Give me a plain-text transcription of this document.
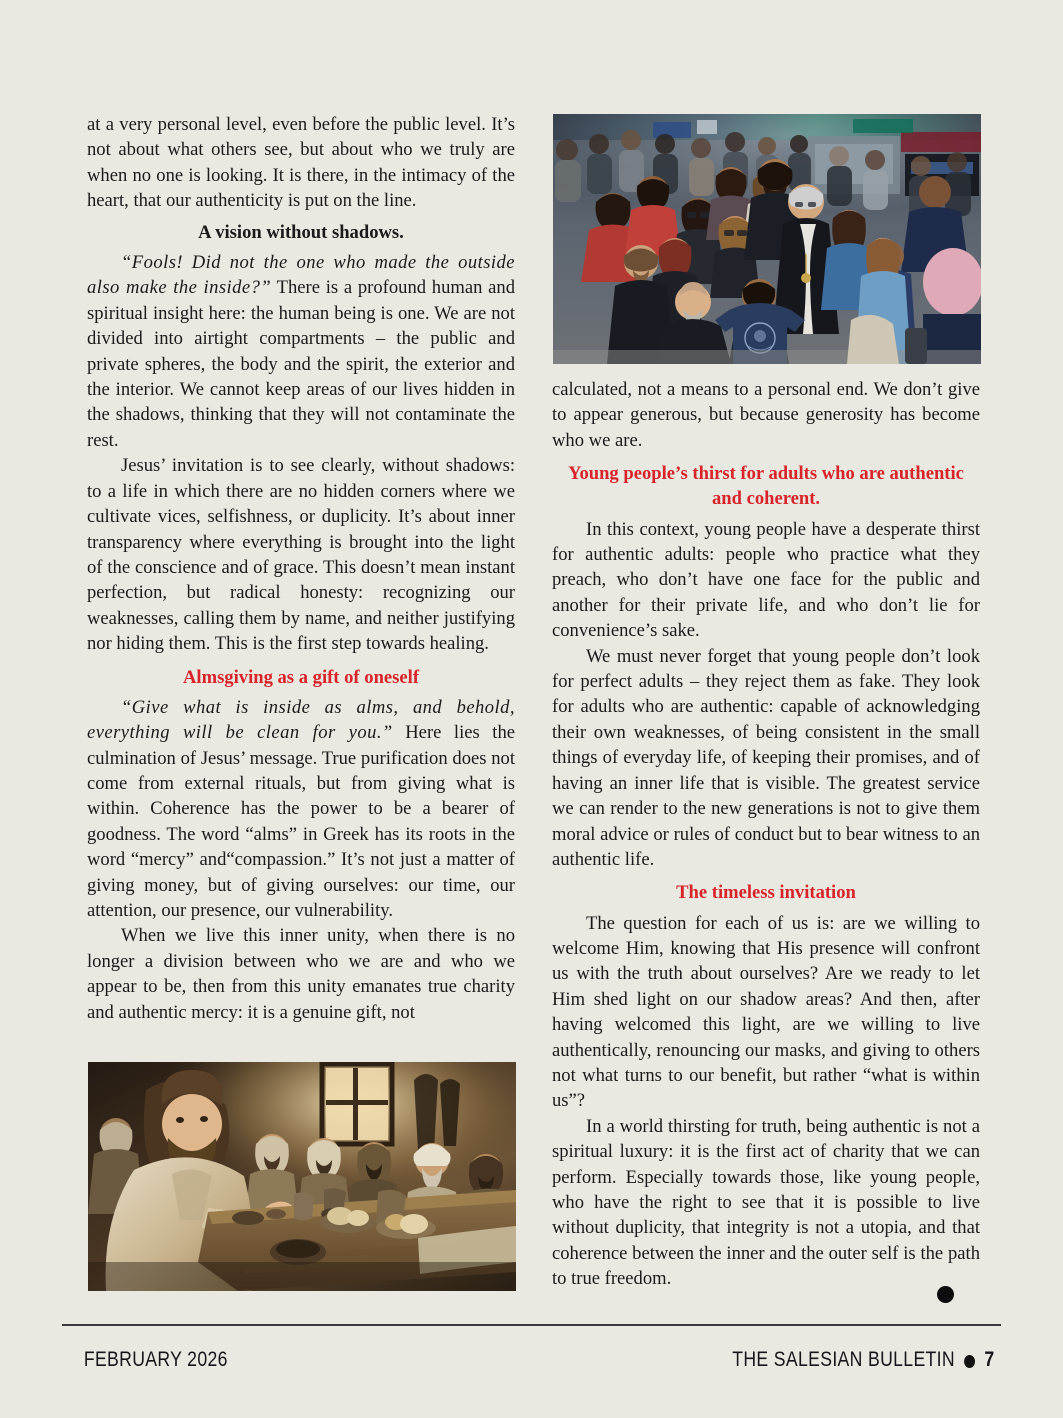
at a very personal level, even before the public level. It’s not about what others see, but about who we truly are when no one is looking. It is there, in the intimacy of the heart, that our authenticity is put on the line.

A vision without shadows.

“Fools! Did not the one who made the outside also make the inside?” There is a profound human and spiritual insight here: the human being is one. We are not divided into airtight compartments – the public and private spheres, the body and the spirit, the exterior and the interior. We cannot keep areas of our lives hidden in the shadows, thinking that they will not contaminate the rest.

Jesus’ invitation is to see clearly, without shadows: to a life in which there are no hidden corners where we cultivate vices, selfishness, or duplicity. It’s about inner transparency where everything is brought into the light of the conscience and of grace. This doesn’t mean instant perfection, but radical honesty: recognizing our weaknesses, calling them by name, and neither justifying nor hiding them. This is the first step towards healing.

Almsgiving as a gift of oneself

“Give what is inside as alms, and behold, everything will be clean for you.” Here lies the culmination of Jesus’ message. True purification does not come from external rituals, but from giving what is within. Coherence has the power to be a bearer of goodness. The word “alms” in Greek has its roots in the word “mercy” and“compassion.” It’s not just a matter of giving money, but of giving ourselves: our time, our attention, our presence, our vulnerability.

When we live this inner unity, when there is no longer a division between who we are and who we appear to be, then from this unity emanates true charity and authentic mercy: it is a genuine gift, not

calculated, not a means to a personal end. We don’t give to appear generous, but because generosity has become who we are.

Young people’s thirst for adults who are authentic and coherent.

In this context, young people have a desperate thirst for authentic adults: people who practice what they preach, who don’t have one face for the public and another for their private life, and who don’t lie for convenience’s sake.

We must never forget that young people don’t look for perfect adults – they reject them as fake. They look for adults who are authentic: capable of acknowledging their own weaknesses, of being consistent in the small things of everyday life, of keeping their promises, and of having an inner life that is visible. The greatest service we can render to the new generations is not to give them moral advice or rules of conduct but to bear witness to an authentic life.

The timeless invitation

The question for each of us is: are we willing to welcome Him, knowing that His presence will confront us with the truth about ourselves? Are we ready to let Him shed light on our shadow areas? And then, after having welcomed this light, are we willing to live authentically, renouncing our masks, and giving to others not what turns to our benefit, but rather “what is within us”?

In a world thirsting for truth, being authentic is not a spiritual luxury: it is the first act of charity that we can perform. Especially towards those, like young people, who have the right to see that it is possible to live without duplicity, that integrity is not a utopia, and that coherence between the inner and the outer self is the path to true freedom.

FEBRUARY 2026	THE SALESIAN BULLETIN 7
